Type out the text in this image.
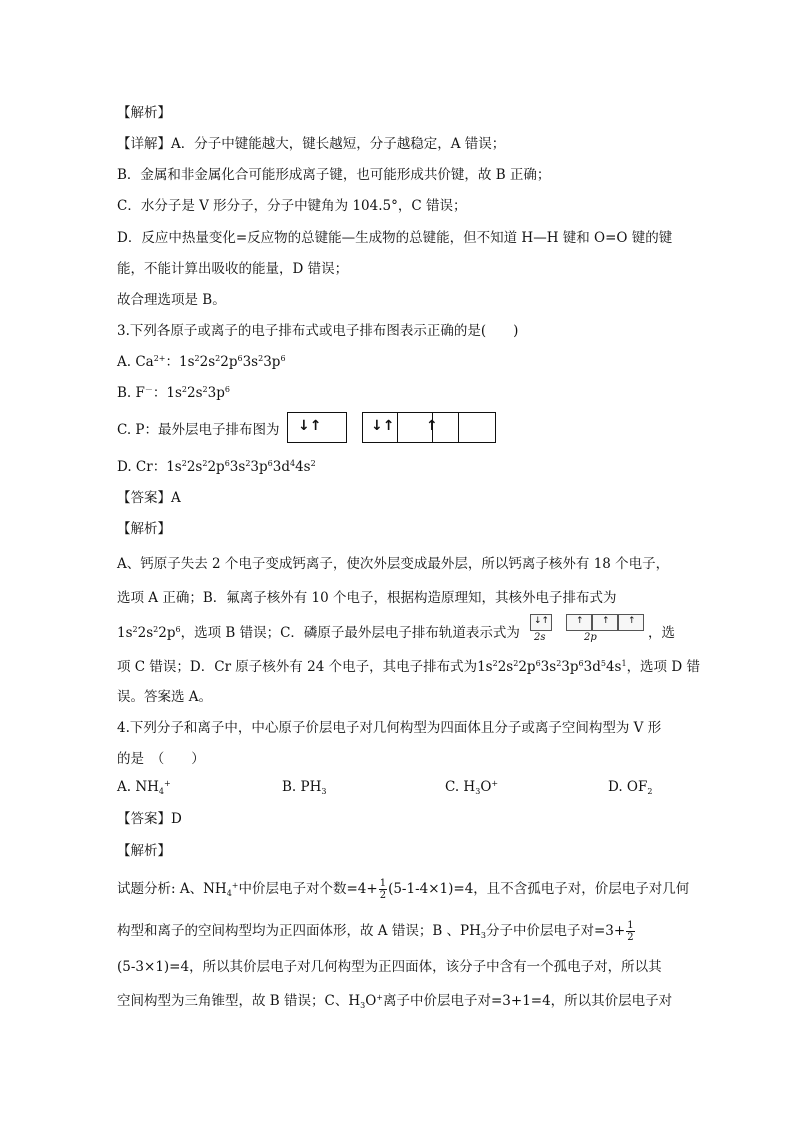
【解析】
【详解】A．分子中键能越大，键长越短，分子越稳定，A 错误；
B．金属和非金属化合可能形成离子键，也可能形成共价键，故 B 正确；
C．水分子是 V 形分子，分子中键角为 104.5°，C 错误；
D．反应中热量变化=反应物的总键能—生成物的总键能，但不知道 H—H 键和 O=O 键的键
能，不能计算出吸收的能量，D 错误；
故合理选项是 B。
3.下列各原子或离子的电子排布式或电子排布图表示正确的是(　　)
A. $Ca^{2+}$：$1s^22s^22p^63s^23p^6$
B. F－：$1s^22s^23p^6$
C. P：最外层电子排布图为 ↓↑	↓↑ ↑
D. Cr：$1s^22s^22p^63s^23p^63d^44s^2$
【答案】A
【解析】
A、钙原子失去 2 个电子变成钙离子，使次外层变成最外层，所以钙离子核外有 18 个电子，
选项 A 正确；B．氟离子核外有 10 个电子，根据构造原理知，其核外电子排布式为
$1s^22s^22p^6$，选项 B 错误；C．磷原子最外层电子排布轨道表示式为
↓↑	↑ ↑ ↑
2s	2p	，选
项 C 错误；D．Cr 原子核外有 24 个电子，其电子排布式为$1s^22s^22p^63s^23p^63d^54s^1$，选项 D 错
误。答案选 A。
4.下列分子和离子中，中心原子价层电子对几何构型为四面体且分子或离子空间构型为 V 形
的是　（　　）
A. $NH_4^+$	B. $PH_3$	C. $H_3O^+$	D. $OF_2$
【答案】D
【解析】
试题分析: A、$NH_4^+$中价层电子对个数$=4+ \frac{1}{2} (5-1-4\times 1)=4$，且不含孤电子对，价层电子对几何
构型和离子的空间构型均为正四面体形，故 A 错误；B 、$PH_3$分子中价层电子对$=3+ \frac{1}{2}$
(5-3×1)=4，所以其价层电子对几何构型为正四面体，该分子中含有一个孤电子对，所以其
空间构型为三角锥型，故 B 错误；C、$H_3O^+$离子中价层电子对=3+1=4，所以其价层电子对
